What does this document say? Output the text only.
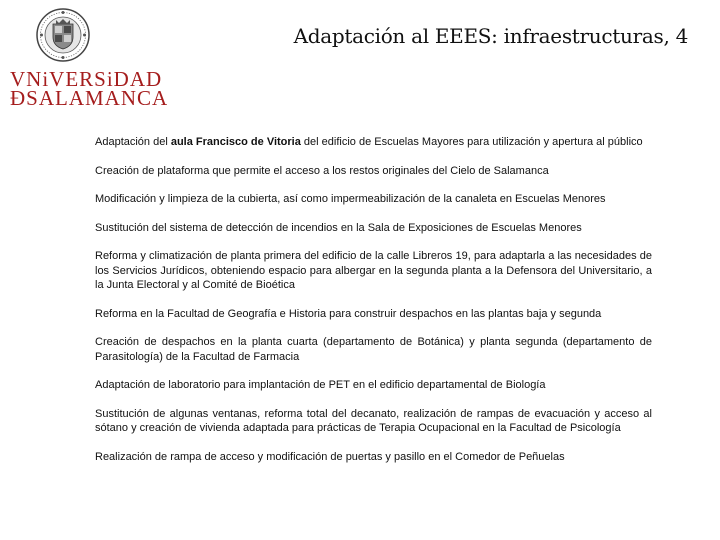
VNiVERSiDAD
ÐSALAMANCA
Adaptación al EEES: infraestructuras, 4
Adaptación del aula Francisco de Vitoria del edificio de Escuelas Mayores para utilización y apertura al público
Creación de plataforma que permite el acceso a los restos originales del Cielo de Salamanca
Modificación y limpieza de la cubierta, así como impermeabilización de la canaleta en Escuelas Menores
Sustitución del sistema de detección de incendios en la Sala de Exposiciones de Escuelas Menores
Reforma y climatización de planta primera del edificio de la calle Libreros 19, para adaptarla a las necesidades de los Servicios Jurídicos, obteniendo espacio para albergar en la segunda planta a la Defensora del Universitario, a la Junta Electoral y al Comité de Bioética
Reforma en la Facultad de Geografía e Historia para construir despachos en las plantas baja y segunda
Creación de despachos en la planta cuarta (departamento de Botánica) y planta segunda (departamento de Parasitología) de la Facultad de Farmacia
Adaptación de laboratorio para implantación de PET en el edificio departamental de Biología
Sustitución de algunas ventanas, reforma total del decanato, realización de rampas de evacuación y acceso al sótano y creación de vivienda adaptada para prácticas de Terapia Ocupacional en la Facultad de Psicología
Realización de rampa de acceso y modificación de puertas y pasillo en el Comedor de Peñuelas
